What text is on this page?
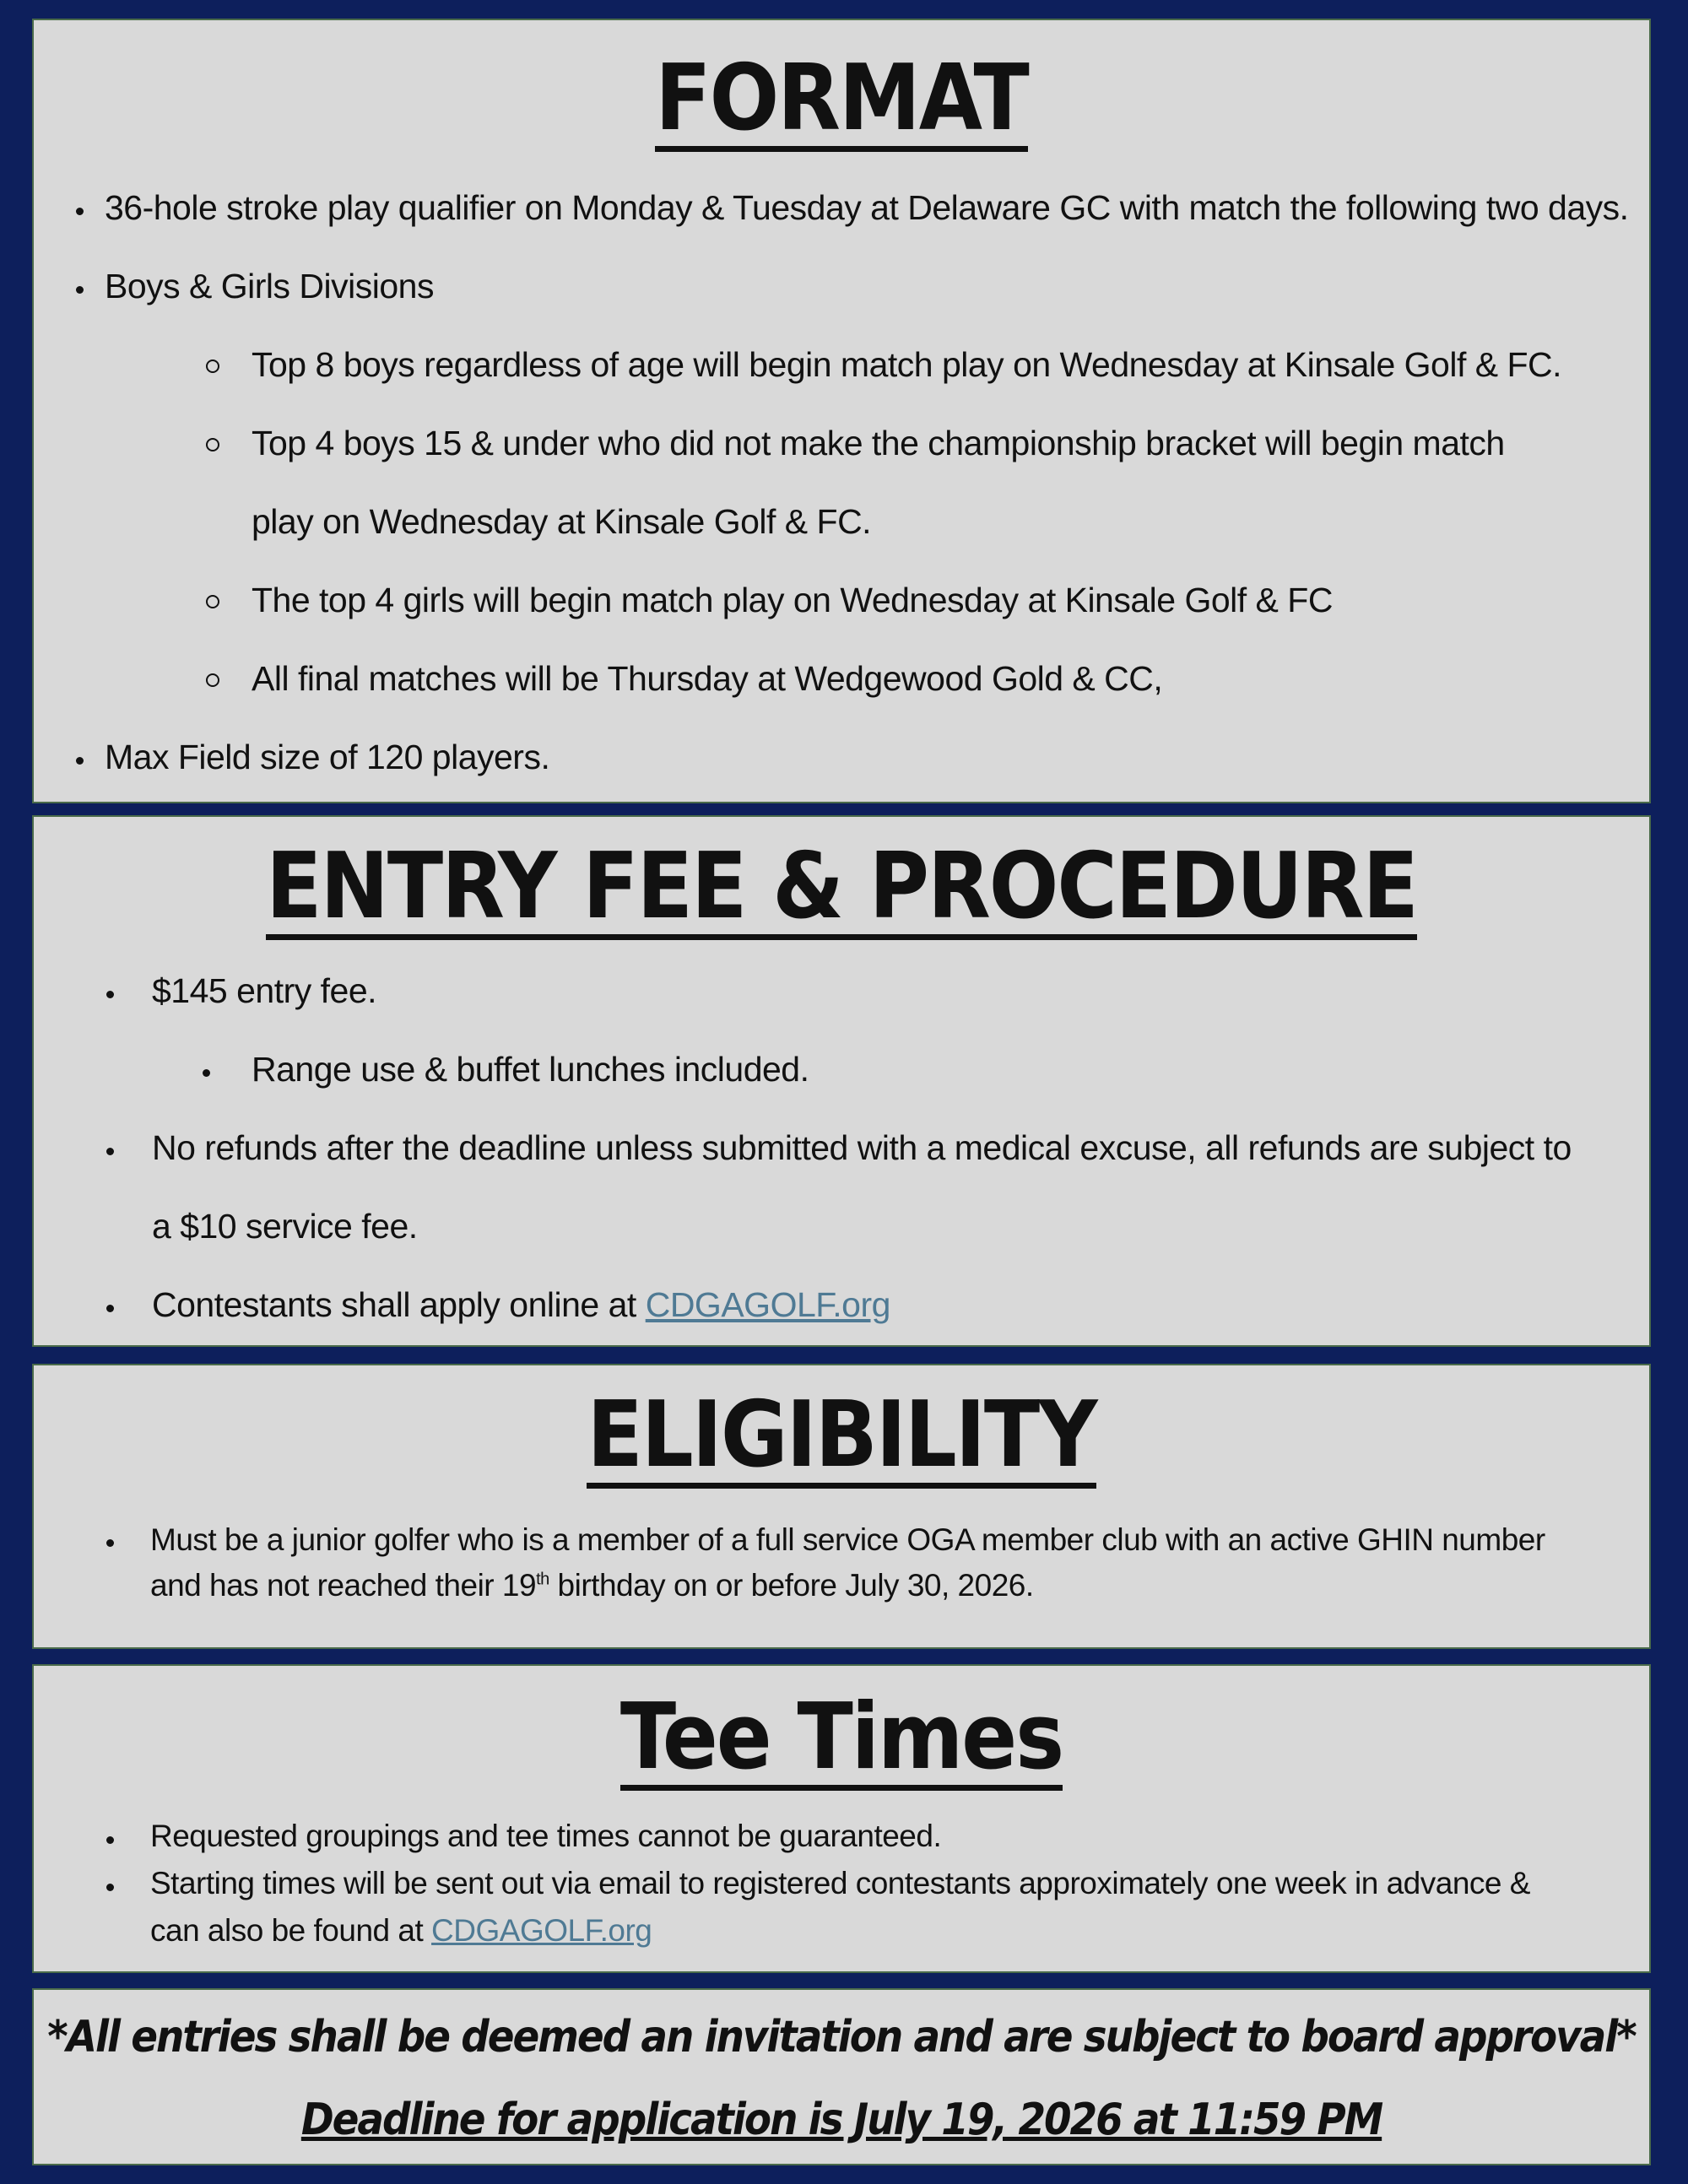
FORMAT
36-hole stroke play qualifier on Monday & Tuesday at Delaware GC with match the following two days.
Boys & Girls Divisions
Top 8 boys regardless of age will begin match play on Wednesday at Kinsale Golf & FC.
Top 4 boys 15 & under who did not make the championship bracket will begin match play on Wednesday at Kinsale Golf & FC.
The top 4 girls will begin match play on Wednesday at Kinsale Golf & FC
All final matches will be Thursday at Wedgewood Gold & CC,
Max Field size of 120 players.
ENTRY FEE & PROCEDURE
$145 entry fee.
Range use & buffet lunches included.
No refunds after the deadline unless submitted with a medical excuse, all refunds are subject to a $10 service fee.
Contestants shall apply online at CDGAGOLF.org
ELIGIBILITY
Must be a junior golfer who is a member of a full service OGA member club with an active GHIN number and has not reached their 19th birthday on or before July 30, 2026.
Tee Times
Requested groupings and tee times cannot be guaranteed.
Starting times will be sent out via email to registered contestants approximately one week in advance & can also be found at CDGAGOLF.org
*All entries shall be deemed an invitation and are subject to board approval*
Deadline for application is July 19, 2026 at 11:59 PM
